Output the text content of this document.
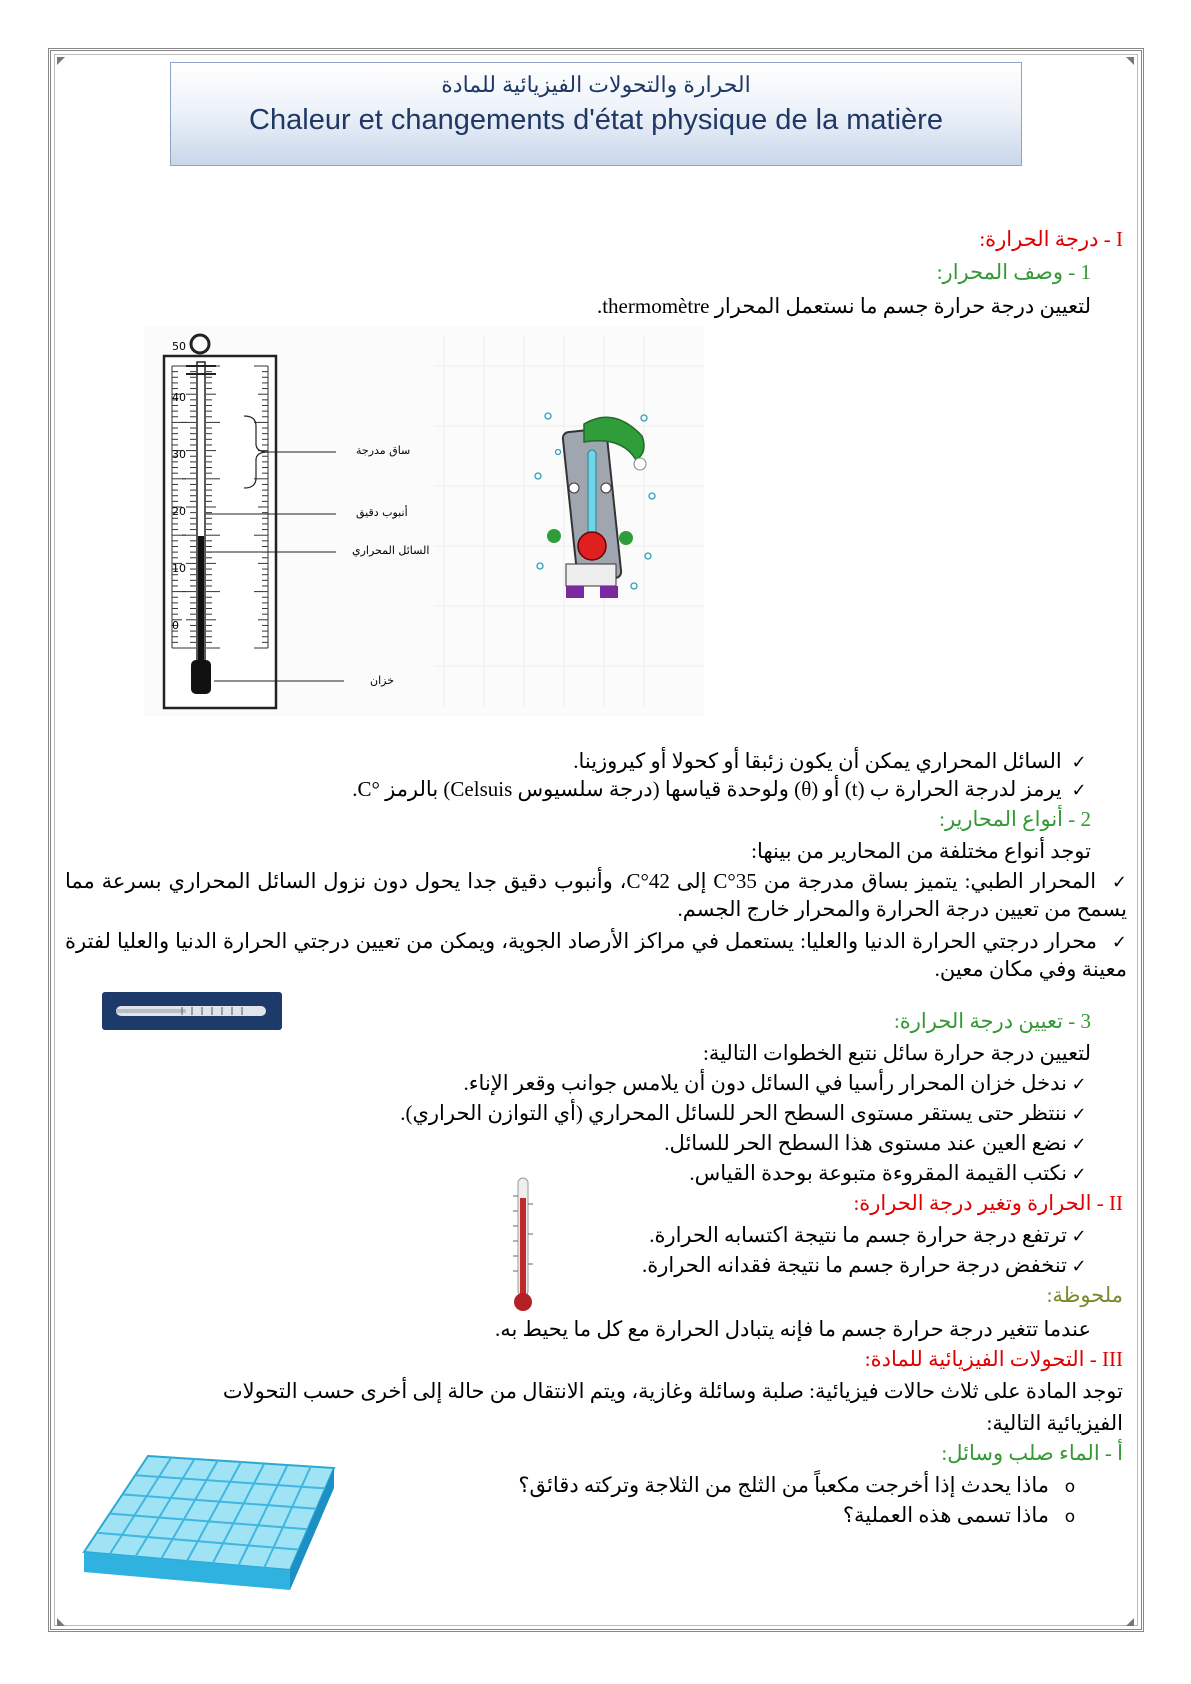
الحرارة والتحولات الفيزيائية للمادة
Chaleur et changements d'état physique de la matière
I - درجة الحرارة:
1 - وصف المحرار:
لتعيين درجة حرارة جسم ما نستعمل المحرار thermomètre.
50
40
30
20
10
0
ساق مدرجة
أنبوب دقيق
السائل المحراري
خزان
✓ السائل المحراري يمكن أن يكون زئبقا أو كحولا أو كيروزينا.
✓ يرمز لدرجة الحرارة ب (t) أو (θ) ولوحدة قياسها (درجة سلسيوس Celsuis) بالرمز °C.
2 - أنواع المحارير:
توجد أنواع مختلفة من المحارير من بينها:
✓ المحرار الطبي: يتميز بساق مدرجة من 35°C إلى 42°C، وأنبوب دقيق جدا يحول دون نزول السائل المحراري بسرعة مما يسمح من تعيين درجة الحرارة والمحرار خارج الجسم.
✓ محرار درجتي الحرارة الدنيا والعليا: يستعمل في مراكز الأرصاد الجوية، ويمكن من تعيين درجتي الحرارة الدنيا والعليا لفترة معينة وفي مكان معين.
3 - تعيين درجة الحرارة:
لتعيين درجة حرارة سائل نتبع الخطوات التالية:
✓ندخل خزان المحرار رأسيا في السائل دون أن يلامس جوانب وقعر الإناء.
✓ننتظر حتى يستقر مستوى السطح الحر للسائل المحراري (أي التوازن الحراري).
✓نضع العين عند مستوى هذا السطح الحر للسائل.
✓نكتب القيمة المقروءة متبوعة بوحدة القياس.
II - الحرارة وتغير درجة الحرارة:
✓ترتفع درجة حرارة جسم ما نتيجة اكتسابه الحرارة.
✓تنخفض درجة حرارة جسم ما نتيجة فقدانه الحرارة.
ملحوظة:
عندما تتغير درجة حرارة جسم ما فإنه يتبادل الحرارة مع كل ما يحيط به.
III - التحولات الفيزيائية للمادة:
توجد المادة على ثلاث حالات فيزيائية: صلبة وسائلة وغازية، ويتم الانتقال من حالة إلى أخرى حسب التحولات
الفيزيائية التالية:
أ - الماء صلب وسائل:
oماذا يحدث إذا أخرجت مكعباً من الثلج من الثلاجة وتركته دقائق؟
oماذا تسمى هذه العملية؟
